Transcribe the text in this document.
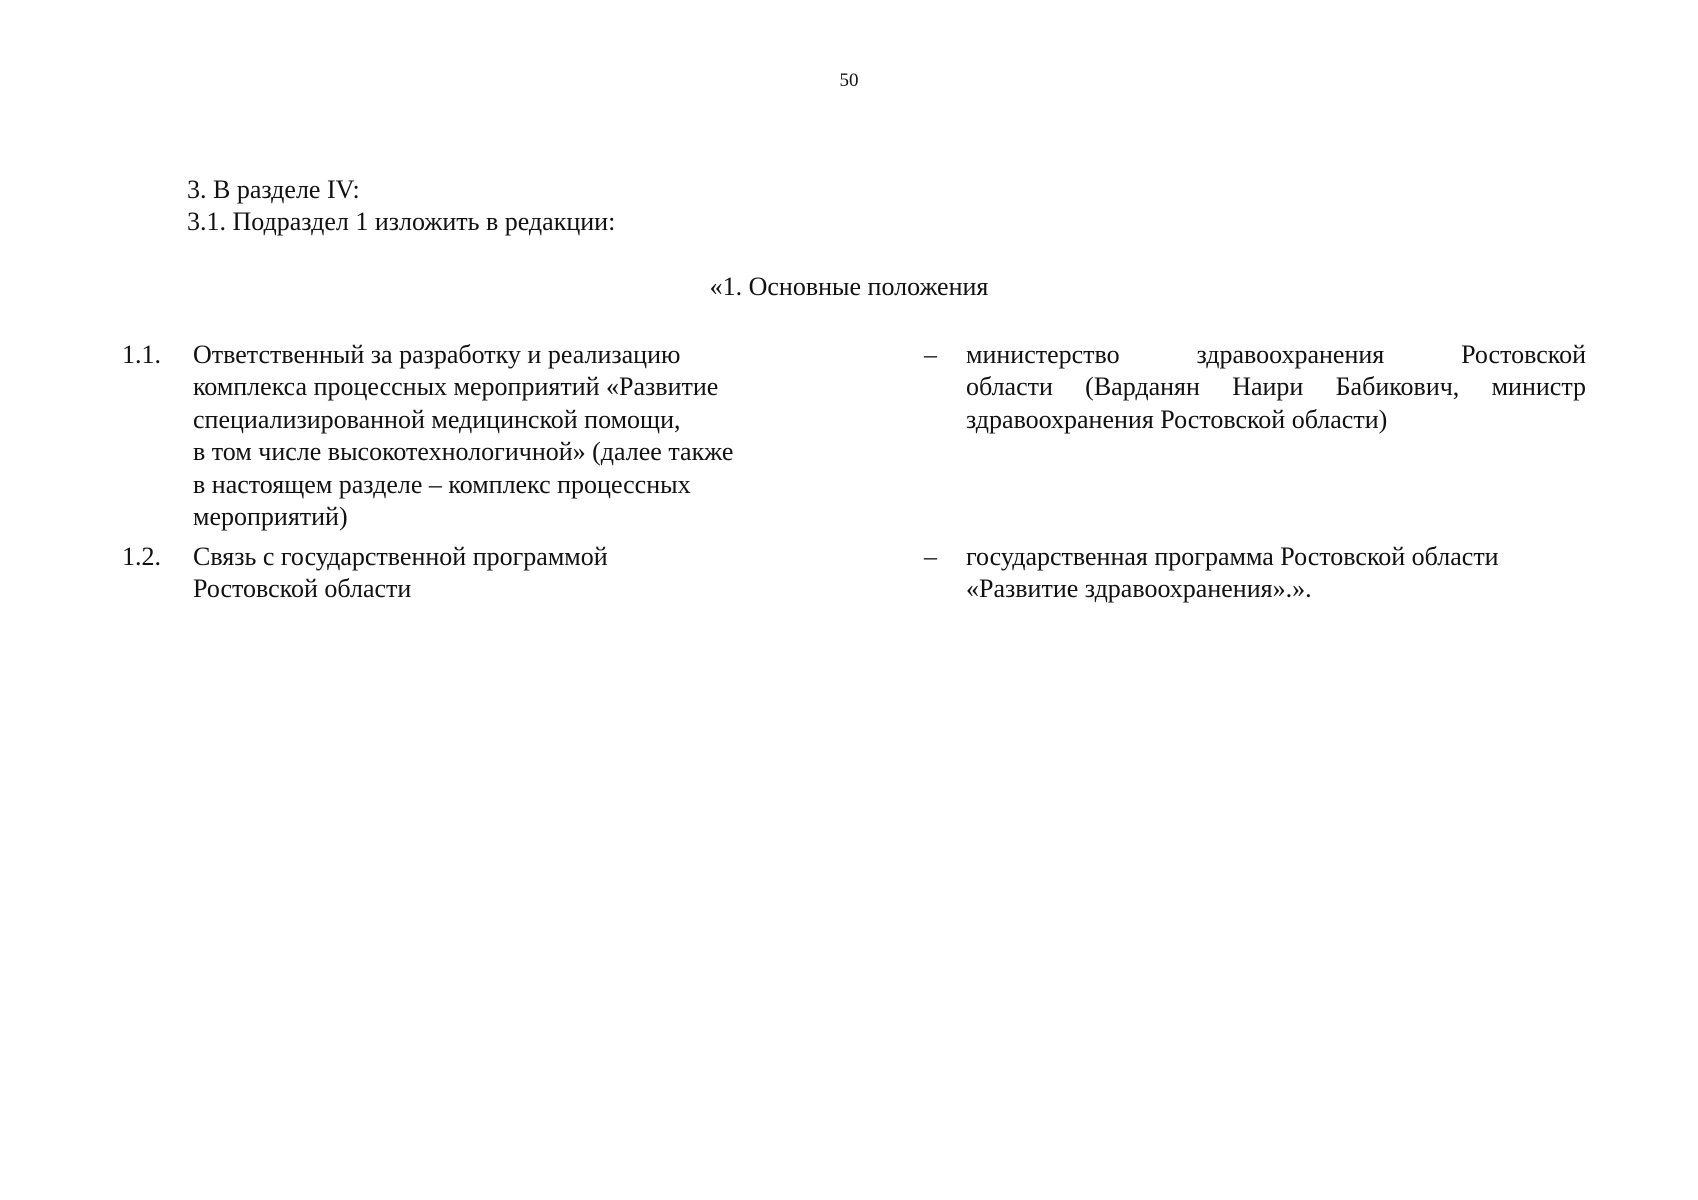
50
3. В разделе IV:
3.1. Подраздел 1 изложить в редакции:
«1. Основные положения
1.1. Ответственный за разработку и реализацию
комплекса процессных мероприятий «Развитие
специализированной медицинской помощи,
в том числе высокотехнологичной» (далее также
в настоящем разделе – комплекс процессных
мероприятий)
– министерство здравоохранения Ростовской
области (Варданян Наири Бабикович, министр
здравоохранения Ростовской области)
1.2. Связь с государственной программой
Ростовской области
– государственная программа Ростовской области
«Развитие здравоохранения».».
